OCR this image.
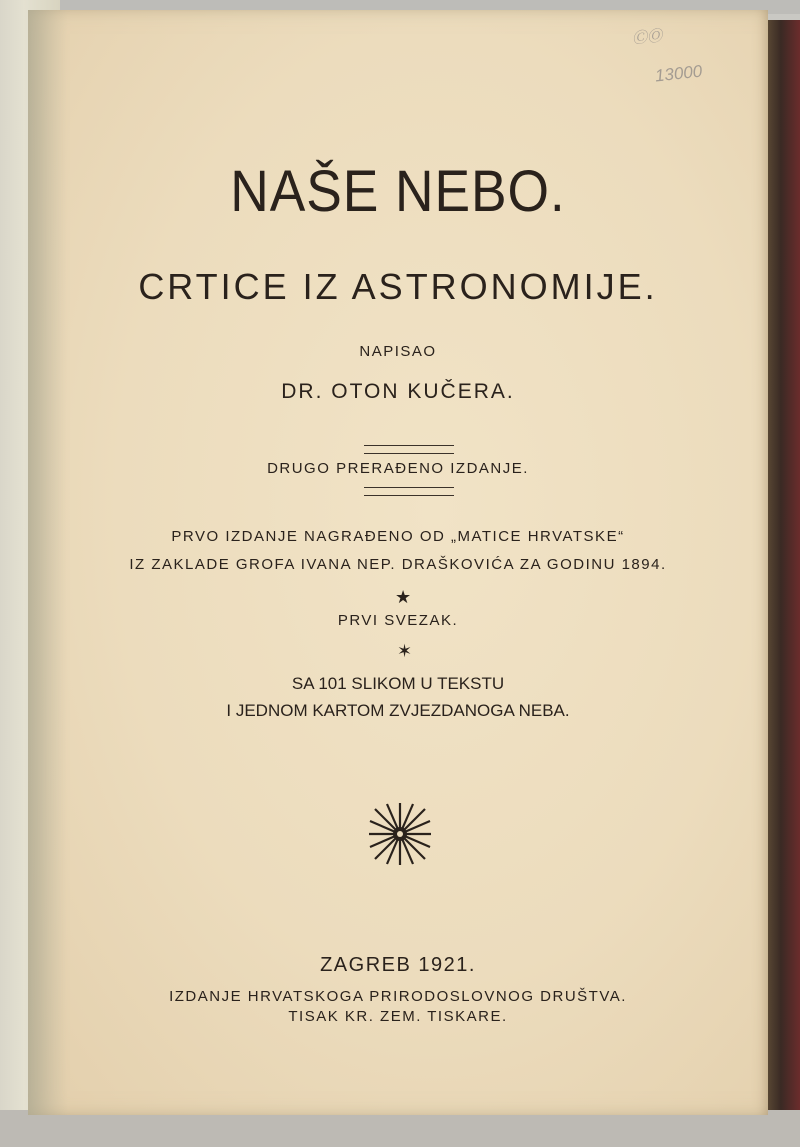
ⒸⓄ
13000
NAŠE NEBO.
CRTICE IZ ASTRONOMIJE.
NAPISAO
DR. OTON KUČERA.
DRUGO PRERAĐENO IZDANJE.
PRVO IZDANJE NAGRAĐENO OD „MATICE HRVATSKE“
IZ ZAKLADE GROFA IVANA NEP. DRAŠKOVIĆA ZA GODINU 1894.
★
PRVI SVEZAK.
✶
SA 101 SLIKOM U TEKSTU
I JEDNOM KARTOM ZVJEZDANOGA NEBA.
ZAGREB 1921.
IZDANJE HRVATSKOGA PRIRODOSLOVNOG DRUŠTVA.
TISAK KR. ZEM. TISKARE.
